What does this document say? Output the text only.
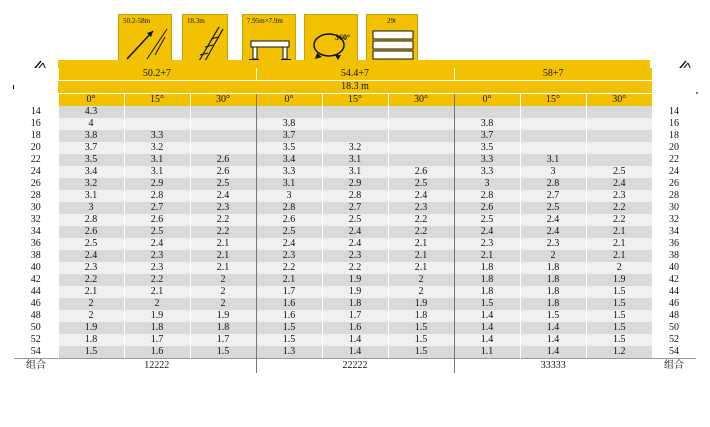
50.2-58m	18.3m	7.95m×7.9m
360°
29t
	50.2+7			54.4+7			58+7			
	18.3 m									
	0°	15°	30°	0°	15°	30°	0°	15°	30°	
14	4.3									14
16	4			3.8			3.8			16
18	3.8	3.3		3.7			3.7			18
20	3.7	3.2		3.5	3.2		3.5			20
22	3.5	3.1	2.6	3.4	3.1		3.3	3.1		22
24	3.4	3.1	2.6	3.3	3.1	2.6	3.3	3	2.5	24
26	3.2	2.9	2.5	3.1	2.9	2.5	3	2.8	2.4	26
28	3.1	2.8	2.4	3	2.8	2.4	2.8	2.7	2.3	28
30	3	2.7	2.3	2.8	2.7	2.3	2.6	2.5	2.2	30
32	2.8	2.6	2.2	2.6	2.5	2.2	2.5	2.4	2.2	32
34	2.6	2.5	2.2	2.5	2.4	2.2	2.4	2.4	2.1	34
36	2.5	2.4	2.1	2.4	2.4	2.1	2.3	2.3	2.1	36
38	2.4	2.3	2.1	2.3	2.3	2.1	2.1	2	2.1	38
40	2.3	2.3	2.1	2.2	2.2	2.1	1.8	1.8	2	40
42	2.2	2.2	2	2.1	1.9	2	1.8	1.8	1.9	42
44	2.1	2.1	2	1.7	1.9	2	1.8	1.8	1.5	44
46	2	2	2	1.6	1.8	1.9	1.5	1.8	1.5	46
48	2	1.9	1.9	1.6	1.7	1.8	1.4	1.5	1.5	48
50	1.9	1.8	1.8	1.5	1.6	1.5	1.4	1.4	1.5	50
52	1.8	1.7	1.7	1.5	1.4	1.5	1.4	1.4	1.5	52
54	1.5	1.6	1.5	1.3	1.4	1.5	1.1	1.4	1.2	54
组合	12222			22222			33333			组合
